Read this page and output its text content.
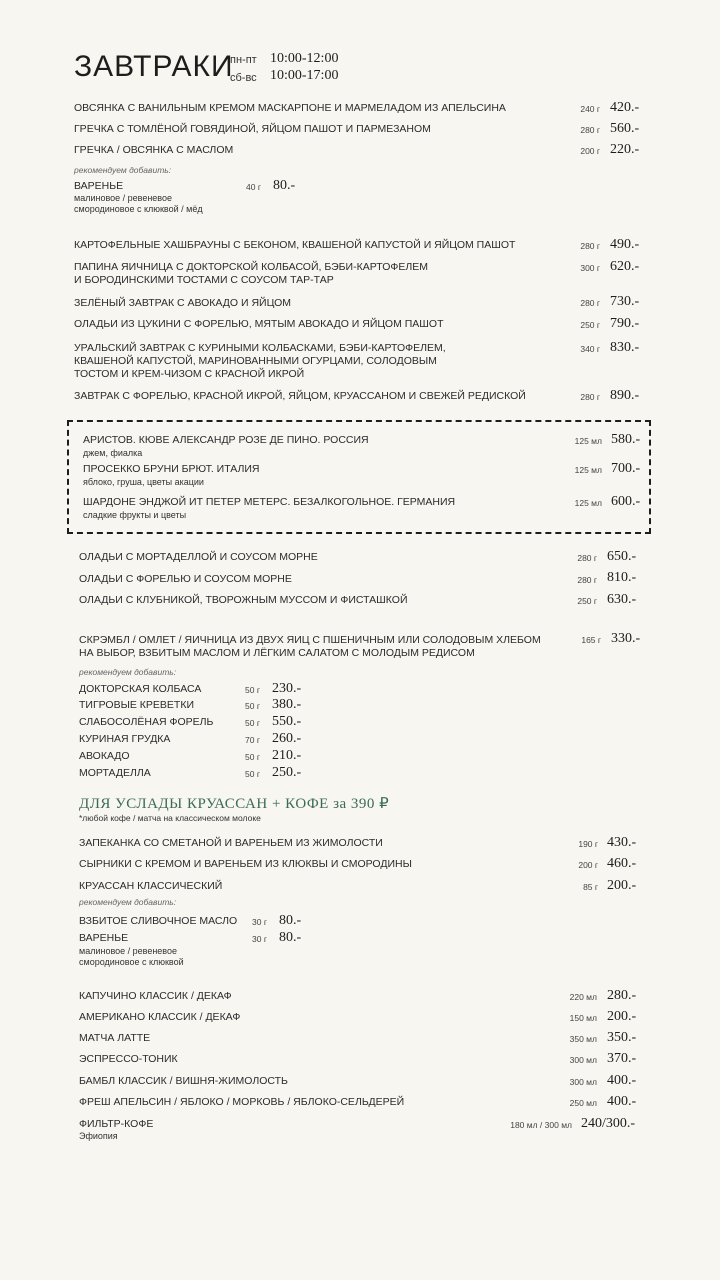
ЗАВТРАКИ
пн-пт 10:00-12:00
сб-вс 10:00-17:00
ОВСЯНКА С ВАНИЛЬНЫМ КРЕМОМ МАСКАРПОНЕ И МАРМЕЛАДОМ ИЗ АПЕЛЬСИНА	240 г 420.-
ГРЕЧКА С ТОМЛЁНОЙ ГОВЯДИНОЙ, ЯЙЦОМ ПАШОТ И ПАРМЕЗАНОМ	280 г 560.-
ГРЕЧКА / ОВСЯНКА С МАСЛОМ	200 г 220.-
рекомендуем добавить:
ВАРЕНЬЕ
малиновое / ревеневое
смородиновое с клюквой / мёд
40 г 80.-
КАРТОФЕЛЬНЫЕ ХАШБРАУНЫ С БЕКОНОМ, КВАШЕНОЙ КАПУСТОЙ И ЯЙЦОМ ПАШОТ	280 г 490.-
ПАПИНА ЯИЧНИЦА С ДОКТОРСКОЙ КОЛБАСОЙ, БЭБИ-КАРТОФЕЛЕМ
И БОРОДИНСКИМИ ТОСТАМИ С СОУСОМ ТАР-ТАР
300 г 620.-
ЗЕЛЁНЫЙ ЗАВТРАК С АВОКАДО И ЯЙЦОМ	280 г 730.-
ОЛАДЬИ ИЗ ЦУКИНИ С ФОРЕЛЬЮ, МЯТЫМ АВОКАДО И ЯЙЦОМ ПАШОТ	250 г 790.-
УРАЛЬСКИЙ ЗАВТРАК С КУРИНЫМИ КОЛБАСКАМИ, БЭБИ-КАРТОФЕЛЕМ,
КВАШЕНОЙ КАПУСТОЙ, МАРИНОВАННЫМИ ОГУРЦАМИ, СОЛОДОВЫМ
ТОСТОМ И КРЕМ-ЧИЗОМ С КРАСНОЙ ИКРОЙ
340 г 830.-
ЗАВТРАК С ФОРЕЛЬЮ, КРАСНОЙ ИКРОЙ, ЯЙЦОМ, КРУАССАНОМ И СВЕЖЕЙ РЕДИСКОЙ	280 г 890.-
АРИСТОВ. КЮВЕ АЛЕКСАНДР РОЗЕ ДЕ ПИНО. РОССИЯ
джем, фиалка
125 мл 580.-
ПРОСЕККО БРУНИ БРЮТ. ИТАЛИЯ
яблоко, груша, цветы акации
125 мл 700.-
ШАРДОНЕ ЭНДЖОЙ ИТ ПЕТЕР МЕТЕРС. БЕЗАЛКОГОЛЬНОЕ. ГЕРМАНИЯ
сладкие фрукты и цветы
125 мл 600.-
ОЛАДЬИ С МОРТАДЕЛЛОЙ И СОУСОМ МОРНЕ	280 г 650.-
ОЛАДЬИ С ФОРЕЛЬЮ И СОУСОМ МОРНЕ	280 г 810.-
ОЛАДЬИ С КЛУБНИКОЙ, ТВОРОЖНЫМ МУССОМ И ФИСТАШКОЙ	250 г 630.-
СКРЭМБЛ / ОМЛЕТ / ЯИЧНИЦА ИЗ ДВУХ ЯИЦ С ПШЕНИЧНЫМ ИЛИ СОЛОДОВЫМ ХЛЕБОМ
НА ВЫБОР, ВЗБИТЫМ МАСЛОМ И ЛЁГКИМ САЛАТОМ С МОЛОДЫМ РЕДИСОМ
165 г 330.-
рекомендуем добавить:
ДОКТОРСКАЯ КОЛБАСА	50 г 230.-
ТИГРОВЫЕ КРЕВЕТКИ	50 г 380.-
СЛАБОСОЛЁНАЯ ФОРЕЛЬ	50 г 550.-
КУРИНАЯ ГРУДКА	70 г 260.-
АВОКАДО	50 г 210.-
МОРТАДЕЛЛА	50 г 250.-
ДЛЯ УСЛАДЫ КРУАССАН + КОФЕ за 390 ₽
*любой кофе / матча на классическом молоке
ЗАПЕКАНКА СО СМЕТАНОЙ И ВАРЕНЬЕМ ИЗ ЖИМОЛОСТИ	190 г 430.-
СЫРНИКИ С КРЕМОМ И ВАРЕНЬЕМ ИЗ КЛЮКВЫ И СМОРОДИНЫ	200 г 460.-
КРУАССАН КЛАССИЧЕСКИЙ	85 г 200.-
рекомендуем добавить:
ВЗБИТОЕ СЛИВОЧНОЕ МАСЛО 30 г 80.-
ВАРЕНЬЕ
малиновое / ревеневое
смородиновое с клюквой
30 г 80.-
КАПУЧИНО КЛАССИК / ДЕКАФ	220 мл 280.-
АМЕРИКАНО КЛАССИК / ДЕКАФ	150 мл 200.-
МАТЧА ЛАТТЕ	350 мл 350.-
ЭСПРЕССО-ТОНИК	300 мл 370.-
БАМБЛ КЛАССИК / ВИШНЯ-ЖИМОЛОСТЬ	300 мл 400.-
ФРЕШ АПЕЛЬСИН / ЯБЛОКО / МОРКОВЬ / ЯБЛОКО-СЕЛЬДЕРЕЙ	250 мл 400.-
ФИЛЬТР-КОФЕ
Эфиопия
180 мл / 300 мл 240/300.-
